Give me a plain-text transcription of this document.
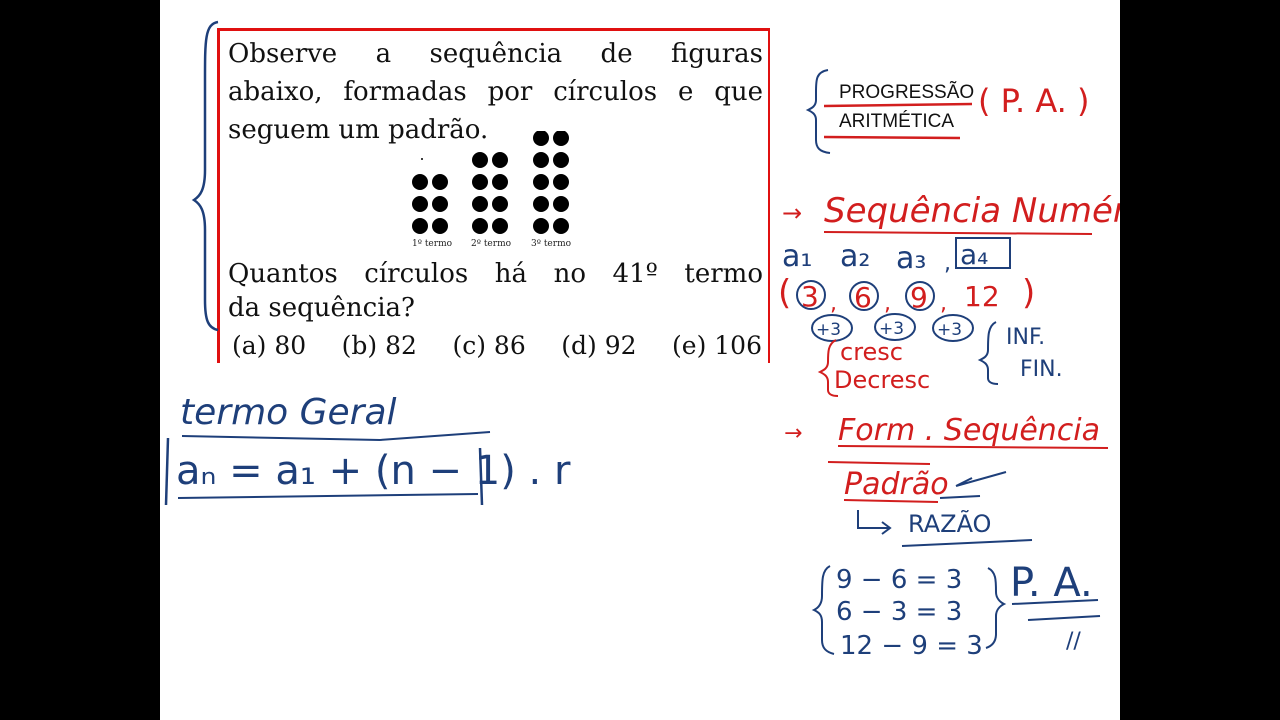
Observe a sequência de figuras
abaixo, formadas por círculos e que
seguem um padrão.

1º termo 2º termo 3º termo

Quantos círculos há no 41º termo
da sequência?

(a) 80 (b) 82 (c) 86 (d) 92 (e) 106
PROGRESSÃO
ARITMÉTICA
( P. A. )
termo Geral
aₙ = a₁ + (n − 1) . r
→ Sequência Numérica
a₁ a₂ a₃ , a₄
( 3 , 6 , 9 , 12 )
+3 +3 +3
cresc
Decresc
INF.
FIN.
→ Form . Sequência
Padrão
RAZÃO
9 − 6 = 3
6 − 3 = 3
12 − 9 = 3
P. A.
//
